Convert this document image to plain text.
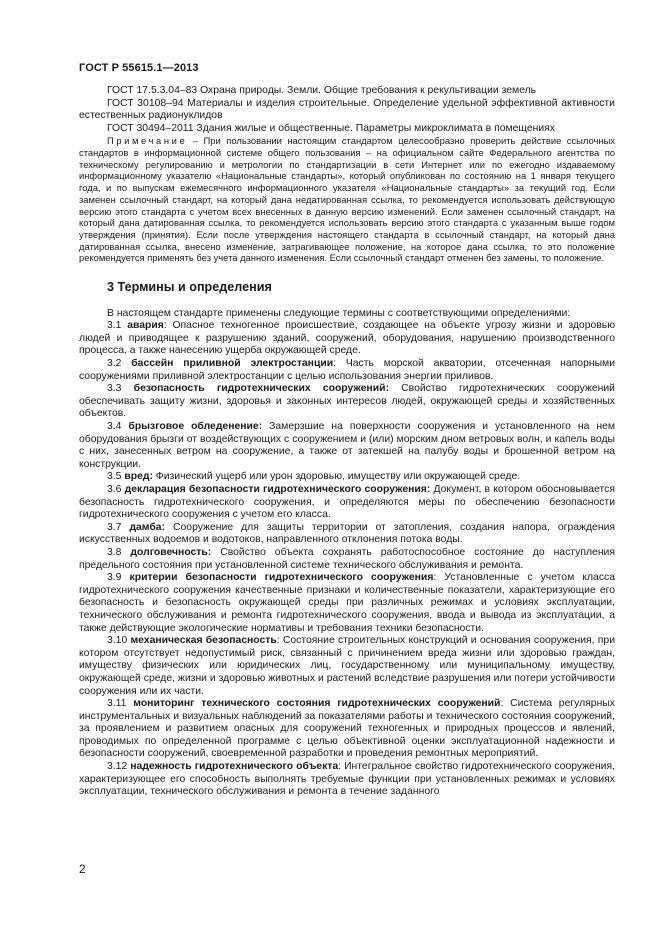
ГОСТ Р 55615.1—2013

ГОСТ 17.5.3.04–83 Охрана природы. Земли. Общие требования к рекультивации земель

ГОСТ 30108–94 Материалы и изделия строительные. Определение удельной эффективной активности естественных радионуклидов

ГОСТ 30494–2011 Здания жилые и общественные. Параметры микроклимата в помещениях

Примечание – При пользовании настоящим стандартом целесообразно проверить действие ссылочных стандартов в информационной системе общего пользования – на официальном сайте Федерального агентства по техническому регулированию и метрологии по стандартизации в сети Интернет или по ежегодно издаваемому информационному указателю «Национальные стандарты», который опубликован по состоянию на 1 января текущего года, и по выпускам ежемесячного информационного указателя «Национальные стандарты» за текущий год. Если заменен ссылочный стандарт, на который дана недатированная ссылка, то рекомендуется использовать действующую версию этого стандарта с учетом всех внесенных в данную версию изменений. Если заменен ссылочный стандарт, на который дана датированная ссылка, то рекомендуется использовать версию этого стандарта с указанным выше годом утверждения (принятия). Если после утверждения настоящего стандарта в ссылочный стандарт, на который дана датированная ссылка, внесено изменение, затрагивающее положение, на которое дана ссылка, то это положение рекомендуется применять без учета данного изменения. Если ссылочный стандарт отменен без замены, то положение.

3 Термины и определения

В настоящем стандарте применены следующие термины с соответствующими определениями:

3.1 авария: Опасное техногенное происшествие, создающее на объекте угрозу жизни и здоровью людей и приводящее к разрушению зданий, сооружений, оборудования, нарушению производственного процесса, а также нанесению ущерба окружающей среде.

3.2 бассейн приливной электростанции: Часть морской акватории, отсеченная напорными сооружениями приливной электростанции с целью использования энергии приливов.

3.3 безопасность гидротехнических сооружений: Свойство гидротехнических сооружений обеспечивать защиту жизни, здоровья и законных интересов людей, окружающей среды и хозяйственных объектов.

3.4 брызговое обледенение: Замерзшие на поверхности сооружения и установленного на нем оборудования брызги от воздействующих с сооружением и (или) морским дном ветровых волн, и капель воды с них, занесенных ветром на сооружение, а также от затекшей на палубу воды и брошенной ветром на конструкции.

3.5 вред: Физический ущерб или урон здоровью, имуществу или окружающей среде.

3.6 декларация безопасности гидротехнического сооружения: Документ, в котором обосновывается безопасность гидротехнического сооружения, и определяются меры по обеспечению безопасности гидротехнического сооружения с учетом его класса.

3.7 дамба: Сооружение для защиты территории от затопления, создания напора, ограждения искусственных водоемов и водотоков, направленного отклонения потока воды.

3.8 долговечность: Свойство объекта сохранять работоспособное состояние до наступления предельного состояния при установленной системе технического обслуживания и ремонта.

3.9 критерии безопасности гидротехнического сооружения: Установленные с учетом класса гидротехнического сооружения качественные признаки и количественные показатели, характеризующие его безопасность и безопасность окружающей среды при различных режимах и условиях эксплуатации, технического обслуживания и ремонта гидротехнического сооружения, ввода и вывода из эксплуатации, а также действующие экологические нормативы и требования техники безопасности.

3.10 механическая безопасность: Состояние строительных конструкций и основания сооружения, при котором отсутствует недопустимый риск, связанный с причинением вреда жизни или здоровью граждан, имуществу физических или юридических лиц, государственному или муниципальному имуществу, окружающей среде, жизни и здоровью животных и растений вследствие разрушения или потери устойчивости сооружения или их части.

3.11 мониторинг технического состояния гидротехнических сооружений: Система регулярных инструментальных и визуальных наблюдений за показателями работы и технического состояния сооружений, за проявлением и развитием опасных для сооружений техногенных и природных процессов и явлений, проводимых по определенной программе с целью объективной оценки эксплуатационной надежности и безопасности сооружений, своевременной разработки и проведения ремонтных мероприятий.

3.12 надежность гидротехнического объекта: Интегральное свойство гидротехнического сооружения, характеризующее его способность выполнять требуемые функции при установленных режимах и условиях эксплуатации, технического обслуживания и ремонта в течение заданного

2
